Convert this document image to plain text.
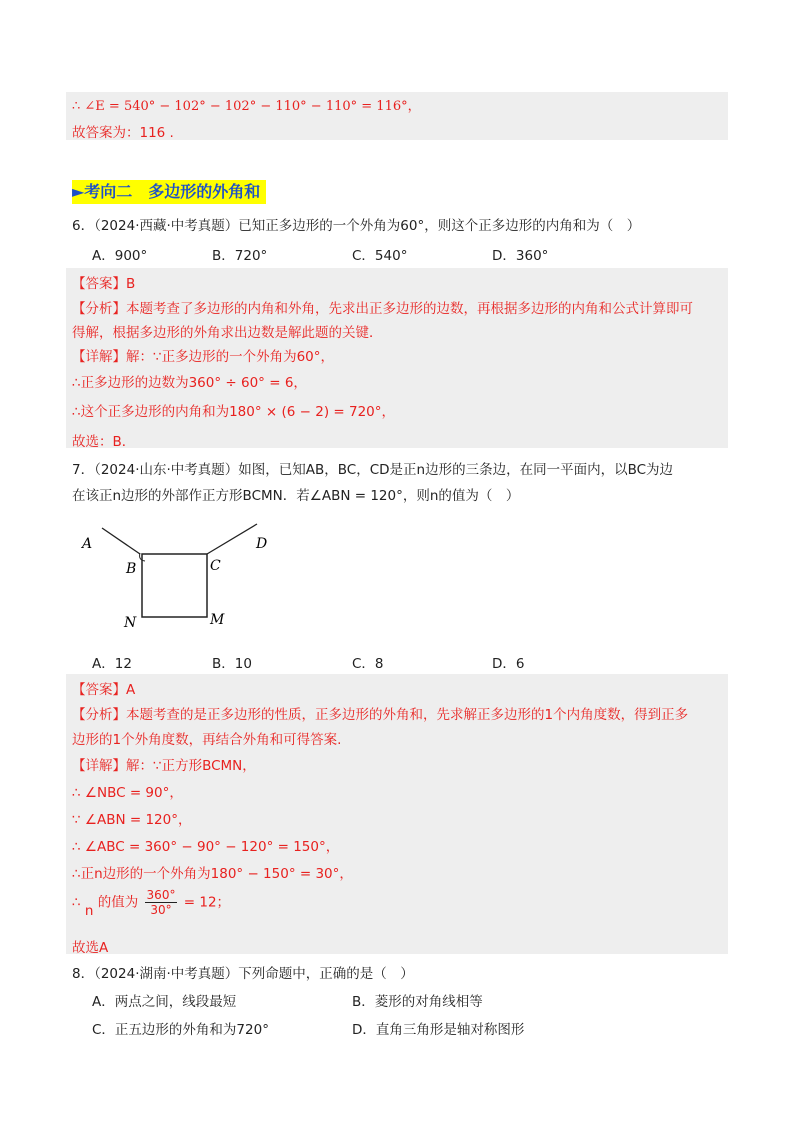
∴ ∠E = 540° − 102° − 102° − 110° − 110° = 116°，
故答案为：116 .
►考向二　多边形的外角和
6．（2024·西藏·中考真题）已知正多边形的一个外角为60°，则这个正多边形的内角和为（　）
A．900°	B．720°	C．540°	D．360°
【答案】B
【分析】本题考查了多边形的内角和外角，先求出正多边形的边数，再根据多边形的内角和公式计算即可
得解，根据多边形的外角求出边数是解此题的关键．
【详解】解：∵正多边形的一个外角为60°，
∴正多边形的边数为360° ÷ 60° = 6，
∴这个正多边形的内角和为180° × (6 − 2) = 720°，
故选：B．
7．（2024·山东·中考真题）如图，已知AB，BC，CD是正n边形的三条边，在同一平面内，以BC为边
在该正n边形的外部作正方形BCMN．若∠ABN = 120°，则n的值为（　）
A
B	C
D
N	M
A．12	B．10	C．8	D．6
【答案】A
【分析】本题考查的是正多边形的性质，正多边形的外角和，先求解正多边形的1个内角度数，得到正多
边形的1个外角度数，再结合外角和可得答案.
【详解】解：∵正方形BCMN，
∴ ∠NBC = 90°，
∵ ∠ABN = 120°，
∴ ∠ABC = 360° − 90° − 120° = 150°，
∴正n边形的一个外角为180° − 150° = 30°，
∴ n 的值为 $\frac{360^\circ}{30^\circ} = 12$；
故选A
8．（2024·湖南·中考真题）下列命题中，正确的是（　）
A．两点之间，线段最短	B．菱形的对角线相等
C．正五边形的外角和为720°	D．直角三角形是轴对称图形
